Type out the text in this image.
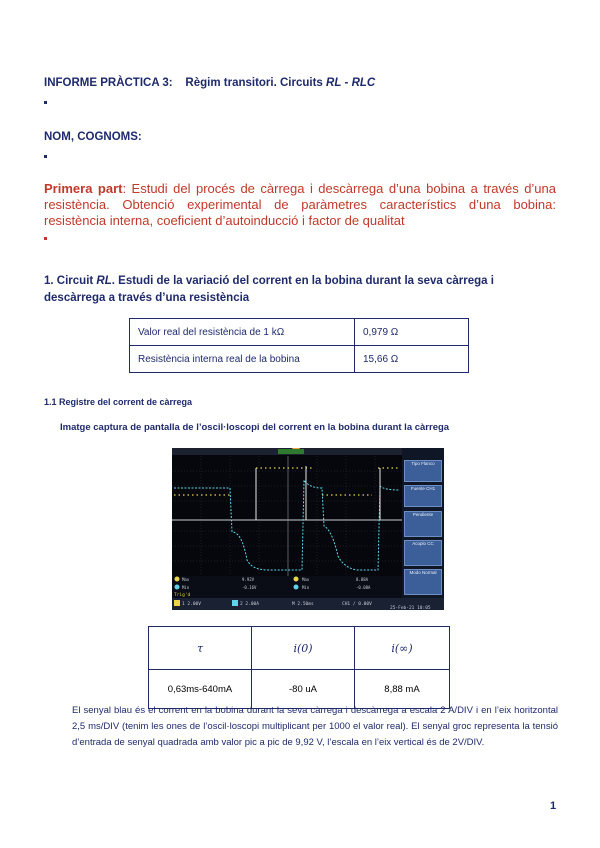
INFORME PRÀCTICA 3: Règim transitori. Circuits RL - RLC
NOM, COGNOMS:
Primera part: Estudi del procés de càrrega i descàrrega d’una bobina a través d’una resistència. Obtenció experimental de paràmetres característics d’una bobina: resistència interna, coeficient d’autoinducció i factor de qualitat
1. Circuit RL. Estudi de la variació del corrent en la bobina durant la seva càrrega i descàrrega a través d’una resistència
Valor real del resistència de 1 kΩ	0,979 Ω
Resistència interna real de la bobina	15,66 Ω
1.1 Registre del corrent de càrrega
Imatge captura de pantalla de l’oscil·loscopi del corrent en la bobina durant la càrrega
Max	9.92V
Min	-0.16V
Max	8.88A
Min	-0.08A
1 2.00V	2 2.00A	M 2.50ms	CH1 / 0.00V
Trig'd
25-Feb-21 10:05
Tipo Flanco
Fuente CH1
Pendiente
Acoplo CC
Modo Normal
τ	i(0)	i(∞)
0,63ms-640mA	-80 uA	8,88 mA
El senyal blau és el corrent en la bobina durant la seva càrrega i descàrrega a escala 2 A/DIV i en l’eix horitzontal 2,5 ms/DIV (tenim les ones de l’oscil·loscopi multiplicant per 1000 el valor real). El senyal groc representa la tensió d’entrada de senyal quadrada amb valor pic a pic de 9,92 V, l’escala en l’eix vertical és de 2V/DIV.
1
